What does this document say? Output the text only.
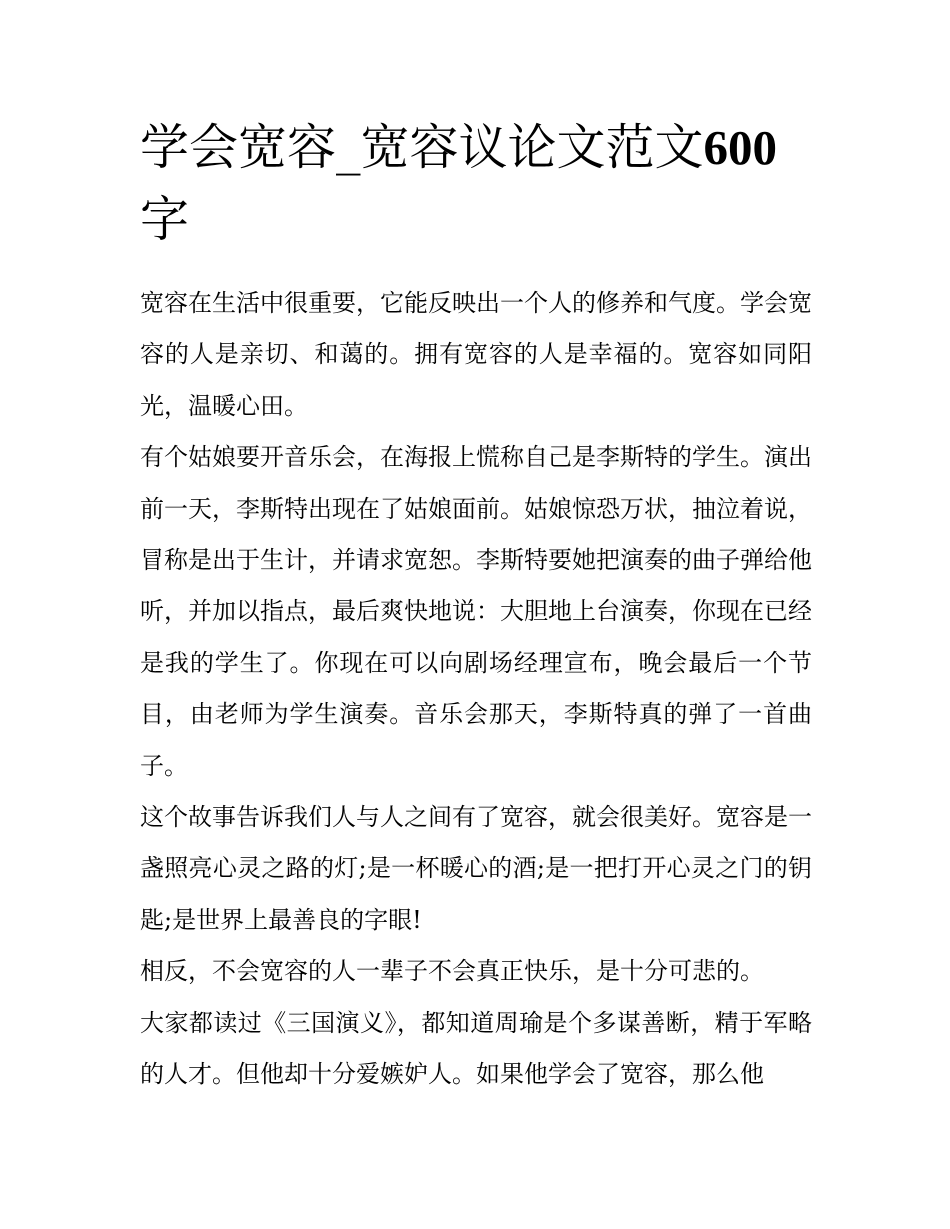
学会宽容_宽容议论文范文600字

宽容在生活中很重要，它能反映出一个人的修养和气度。学会宽容的人是亲切、和蔼的。拥有宽容的人是幸福的。宽容如同阳光，温暖心田。

有个姑娘要开音乐会，在海报上慌称自己是李斯特的学生。演出前一天，李斯特出现在了姑娘面前。姑娘惊恐万状，抽泣着说，冒称是出于生计，并请求宽恕。李斯特要她把演奏的曲子弹给他听，并加以指点，最后爽快地说：大胆地上台演奏，你现在已经是我的学生了。你现在可以向剧场经理宣布，晚会最后一个节目，由老师为学生演奏。音乐会那天，李斯特真的弹了一首曲子。

这个故事告诉我们人与人之间有了宽容，就会很美好。宽容是一盏照亮心灵之路的灯;是一杯暖心的酒;是一把打开心灵之门的钥匙;是世界上最善良的字眼!

相反，不会宽容的人一辈子不会真正快乐，是十分可悲的。

大家都读过《三国演义》，都知道周瑜是个多谋善断，精于军略的人才。但他却十分爱嫉妒人。如果他学会了宽容，那么他
